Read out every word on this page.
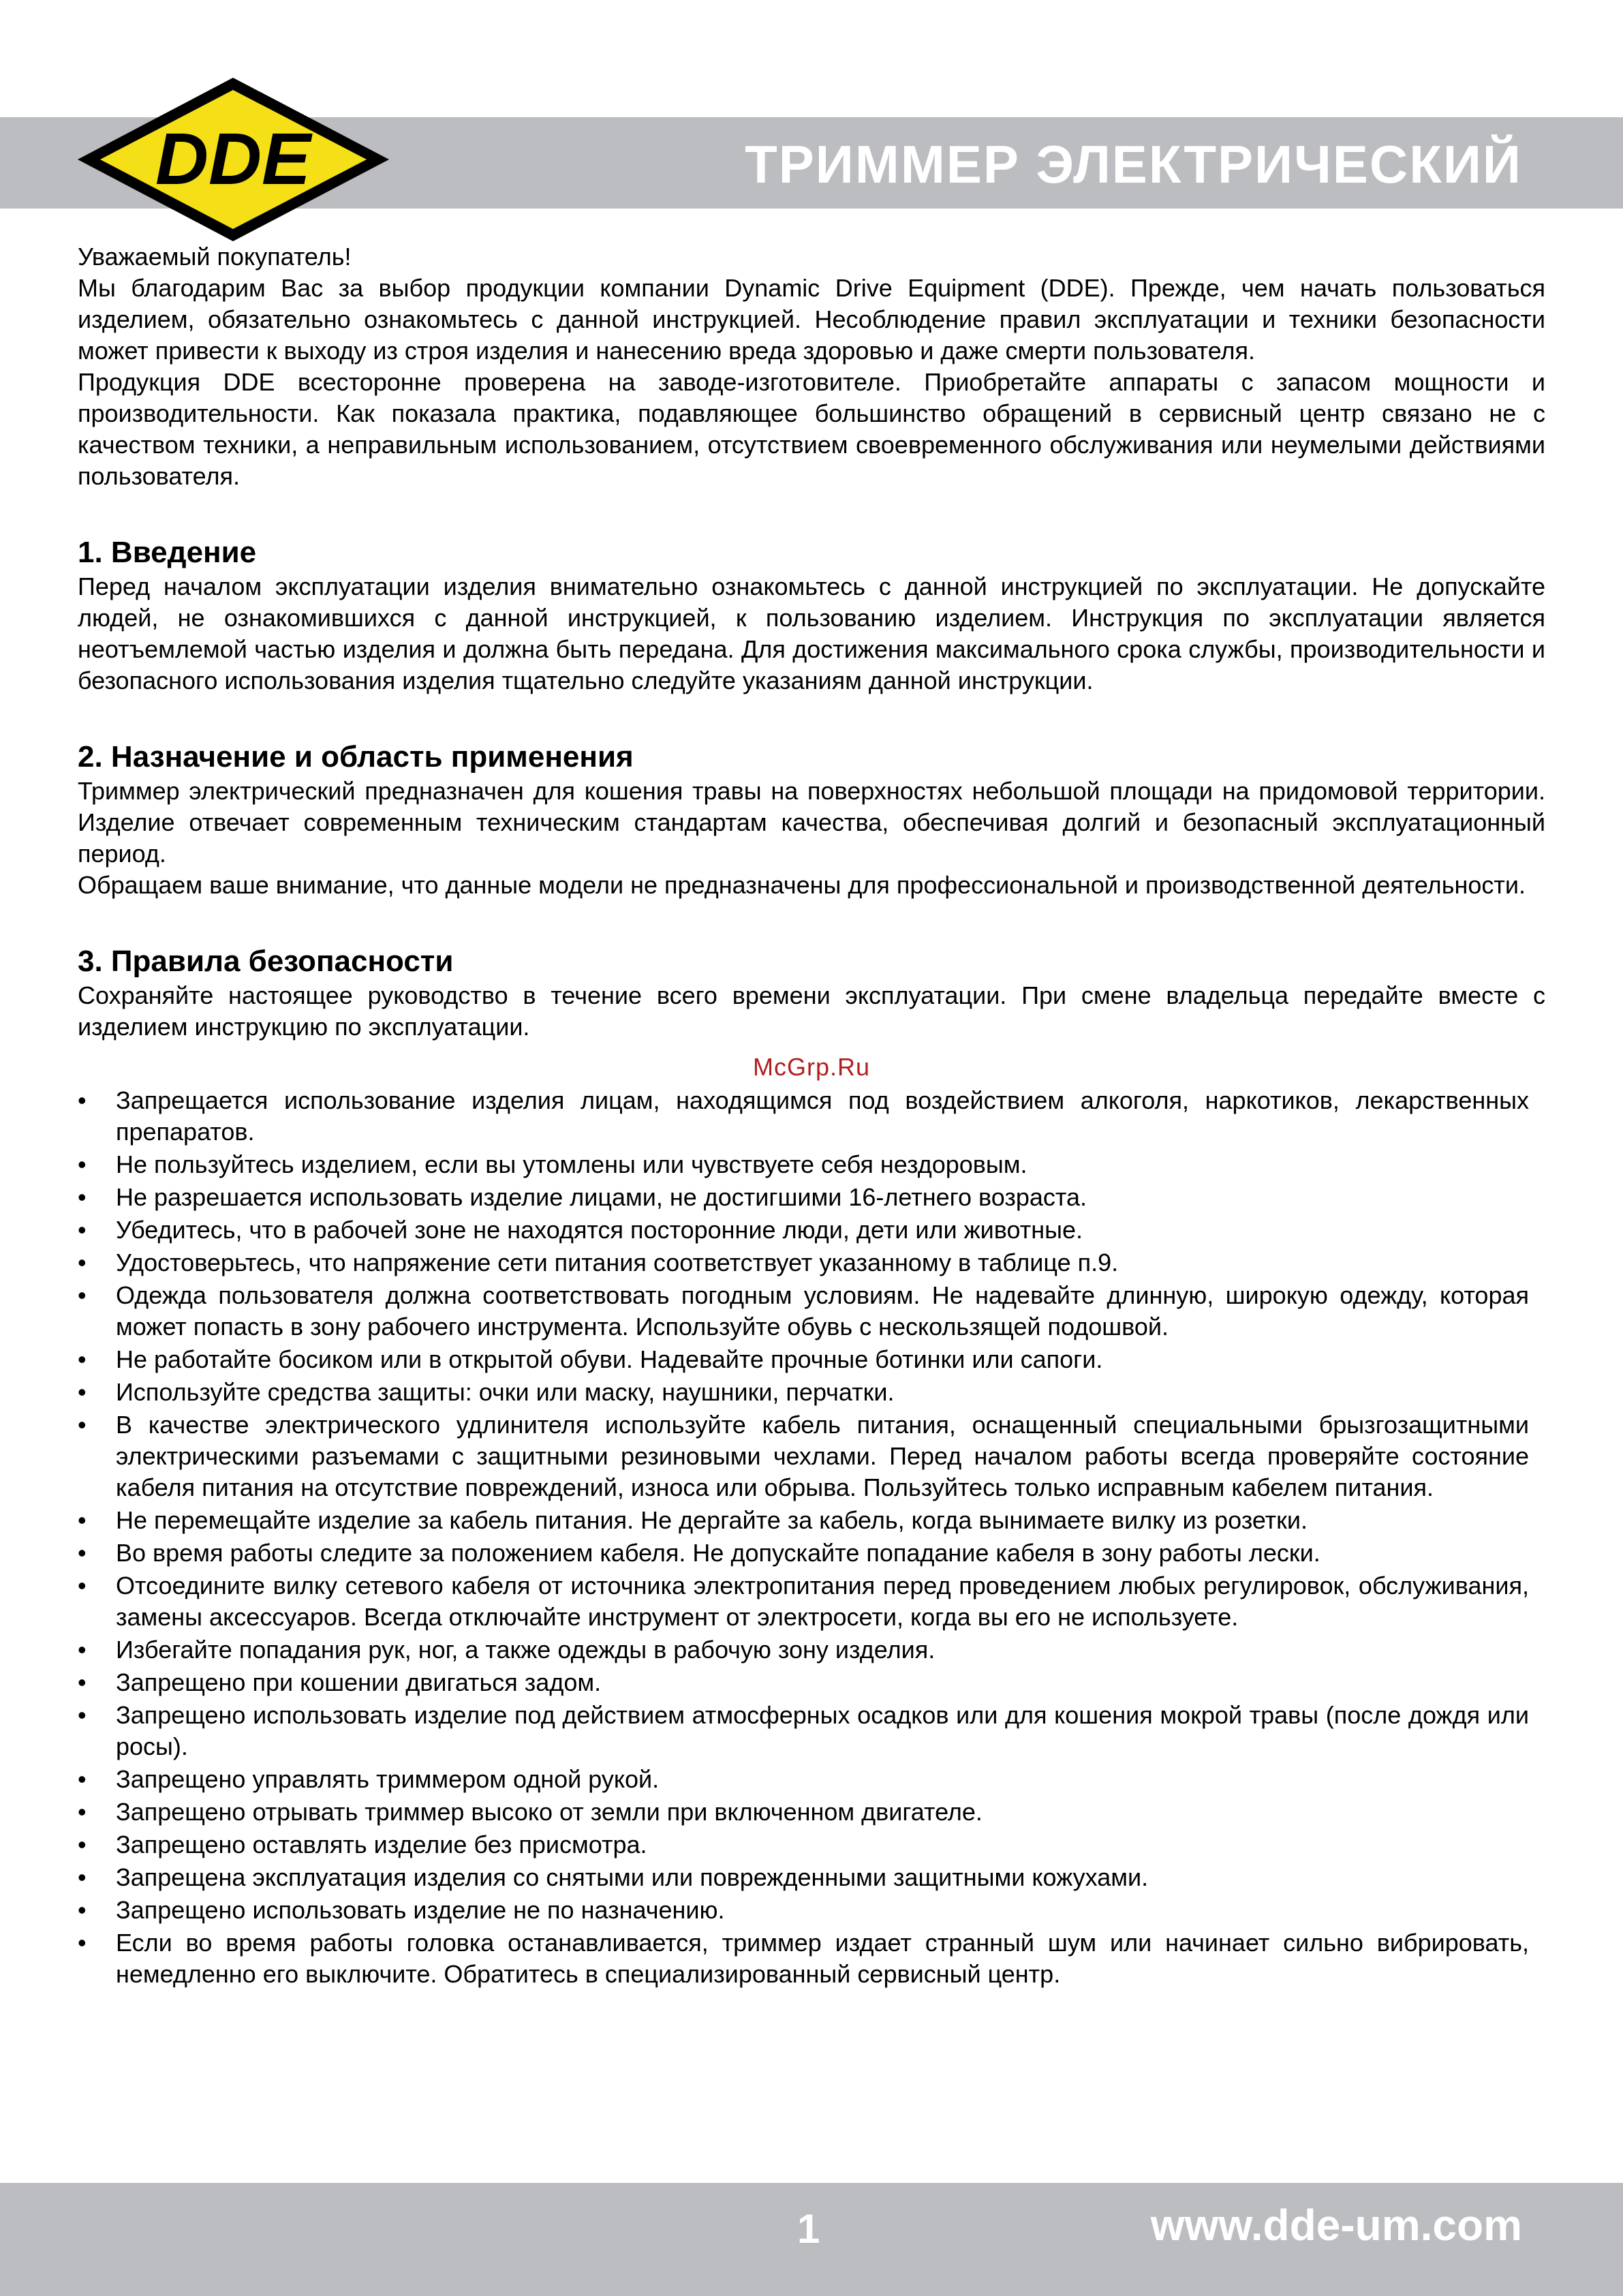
DDE	ТРИММЕР ЭЛЕКТРИЧЕСКИЙ

Уважаемый покупатель!

Мы благодарим Вас за выбор продукции компании Dynamic Drive Equipment (DDE). Прежде, чем начать пользоваться изделием, обязательно ознакомьтесь с данной инструкцией. Несоблюдение правил эксплуатации и техники безопасности может привести к выходу из строя изделия и нанесению вреда здоровью и даже смерти пользователя.

Продукция DDE всесторонне проверена на заводе-изготовителе. Приобретайте аппараты с запасом мощности и производительности. Как показала практика, подавляющее большинство обращений в сервисный центр связано не с качеством техники, а неправильным использованием, отсутствием своевременного обслуживания или неумелыми действиями пользователя.

1. Введение

Перед началом эксплуатации изделия внимательно ознакомьтесь с данной инструкцией по эксплуатации. Не допускайте людей, не ознакомившихся с данной инструкцией, к пользованию изделием. Инструкция по эксплуатации является неотъемлемой частью изделия и должна быть передана. Для достижения максимального срока службы, производительности и безопасного использования изделия тщательно следуйте указаниям данной инструкции.

2. Назначение и область применения

Триммер электрический предназначен для кошения травы на поверхностях небольшой площади на придомовой территории. Изделие отвечает современным техническим стандартам качества, обеспечивая долгий и безопасный эксплуатационный период.

Обращаем ваше внимание, что данные модели не предназначены для профессиональной и производственной деятельности.

3. Правила безопасности

Сохраняйте настоящее руководство в течение всего времени эксплуатации. При смене владельца передайте вместе с изделием инструкцию по эксплуатации.

McGrp.Ru
• Запрещается использование изделия лицам, находящимся под воздействием алкоголя, наркотиков, лекарственных препаратов.
• Не пользуйтесь изделием, если вы утомлены или чувствуете себя нездоровым.
• Не разрешается использовать изделие лицами, не достигшими 16-летнего возраста.
• Убедитесь, что в рабочей зоне не находятся посторонние люди, дети или животные.
• Удостоверьтесь, что напряжение сети питания соответствует указанному в таблице п.9.
• Одежда пользователя должна соответствовать погодным условиям. Не надевайте длинную, широкую одежду, которая может попасть в зону рабочего инструмента. Используйте обувь с нескользящей подошвой.
• Не работайте босиком или в открытой обуви. Надевайте прочные ботинки или сапоги.
• Используйте средства защиты: очки или маску, наушники, перчатки.
• В качестве электрического удлинителя используйте кабель питания, оснащенный специальными брызгозащитными электрическими разъемами с защитными резиновыми чехлами. Перед началом работы всегда проверяйте состояние кабеля питания на отсутствие повреждений, износа или обрыва. Пользуйтесь только исправным кабелем питания.
• Не перемещайте изделие за кабель питания. Не дергайте за кабель, когда вынимаете вилку из розетки.
• Во время работы следите за положением кабеля. Не допускайте попадание кабеля в зону работы лески.
• Отсоедините вилку сетевого кабеля от источника электропитания перед проведением любых регулировок, обслуживания, замены аксессуаров. Всегда отключайте инструмент от электросети, когда вы его не используете.
• Избегайте попадания рук, ног, а также одежды в рабочую зону изделия.
• Запрещено при кошении двигаться задом.
• Запрещено использовать изделие под действием атмосферных осадков или для кошения мокрой травы (после дождя или росы).
• Запрещено управлять триммером одной рукой.
• Запрещено отрывать триммер высоко от земли при включенном двигателе.
• Запрещено оставлять изделие без присмотра.
• Запрещена эксплуатация изделия со снятыми или поврежденными защитными кожухами.
• Запрещено использовать изделие не по назначению.
• Если во время работы головка останавливается, триммер издает странный шум или начинает сильно вибрировать, немедленно его выключите. Обратитесь в специализированный сервисный центр.
1	www.dde-um.com
